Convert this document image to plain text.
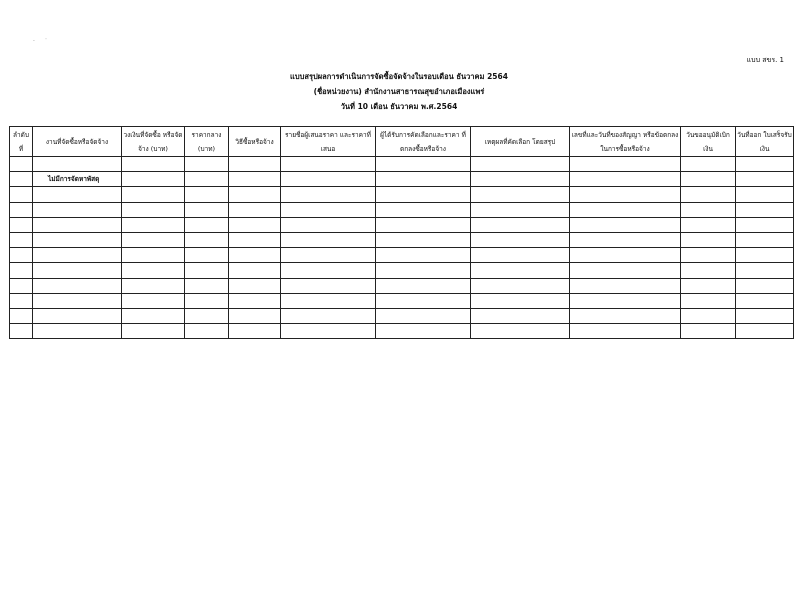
·     ˙
แบบ สขร. 1
แบบสรุปผลการดำเนินการจัดซื้อจัดจ้างในรอบเดือน ธันวาคม 2564
(ชื่อหน่วยงาน) สำนักงานสาธารณสุขอำเภอเมืองแพร่
วันที่ 10 เดือน ธันวาคม พ.ศ.2564
ลำดับ ที่	งานที่จัดซื้อหรือจัดจ้าง	วงเงินที่จัดซื้อ หรือจัดจ้าง (บาท)	ราคากลาง (บาท)	วิธีซื้อหรือจ้าง	รายชื่อผู้เสนอราคา และราคาที่เสนอ	ผู้ได้รับการคัดเลือกและราคา ที่ตกลงซื้อหรือจ้าง	เหตุผลที่คัดเลือก โดยสรุป	เลขที่และวันที่ของสัญญา หรือข้อตกลงในการซื้อหรือจ้าง	วันขออนุมัติเบิก เงิน	วันที่ออก ใบเสร็จรับเงิน

	ไม่มีการจัดหาพัสดุ									
